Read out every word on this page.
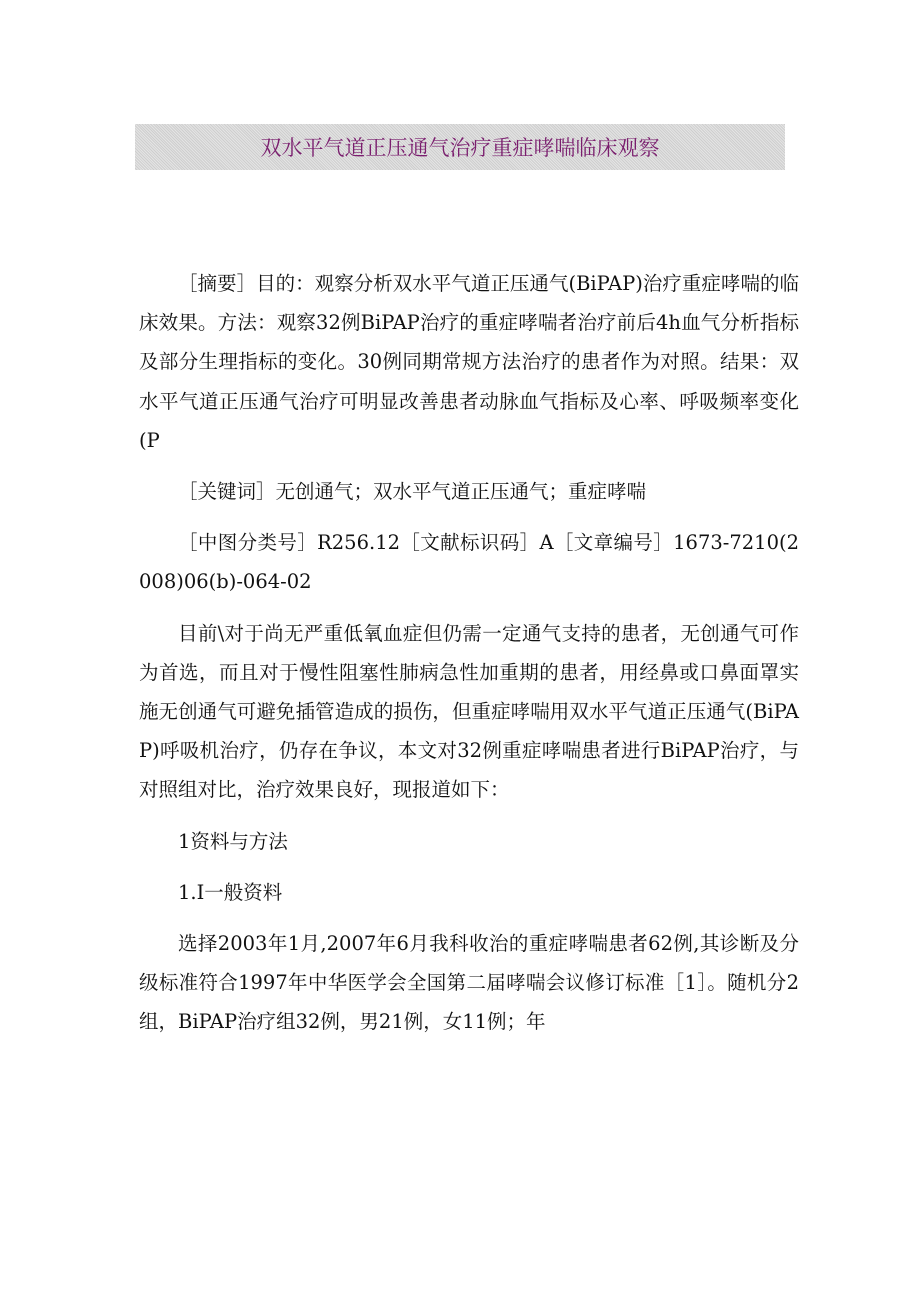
双水平气道正压通气治疗重症哮喘临床观察

［摘要］目的：观察分析双水平气道正压通气(BiPAP)治疗重症哮喘的临床效果。方法：观察32例BiPAP治疗的重症哮喘者治疗前后4h血气分析指标及部分生理指标的变化。30例同期常规方法治疗的患者作为对照。结果：双水平气道正压通气治疗可明显改善患者动脉血气指标及心率、呼吸频率变化(P

［关键词］无创通气；双水平气道正压通气；重症哮喘

［中图分类号］R256.12［文献标识码］A［文章编号］1673-7210(2008)06(b)-064-02

目前\对于尚无严重低氧血症但仍需一定通气支持的患者，无创通气可作为首选，而且对于慢性阻塞性肺病急性加重期的患者，用经鼻或口鼻面罩实施无创通气可避免插管造成的损伤，但重症哮喘用双水平气道正压通气(BiPAP)呼吸机治疗，仍存在争议，本文对32例重症哮喘患者进行BiPAP治疗，与对照组对比，治疗效果良好，现报道如下：

1资料与方法

1.I一般资料

选择2003年1月,2007年6月我科收治的重症哮喘患者62例,其诊断及分级标准符合1997年中华医学会全国第二届哮喘会议修订标准［1］。随机分2组，BiPAP治疗组32例，男21例，女11例；年
